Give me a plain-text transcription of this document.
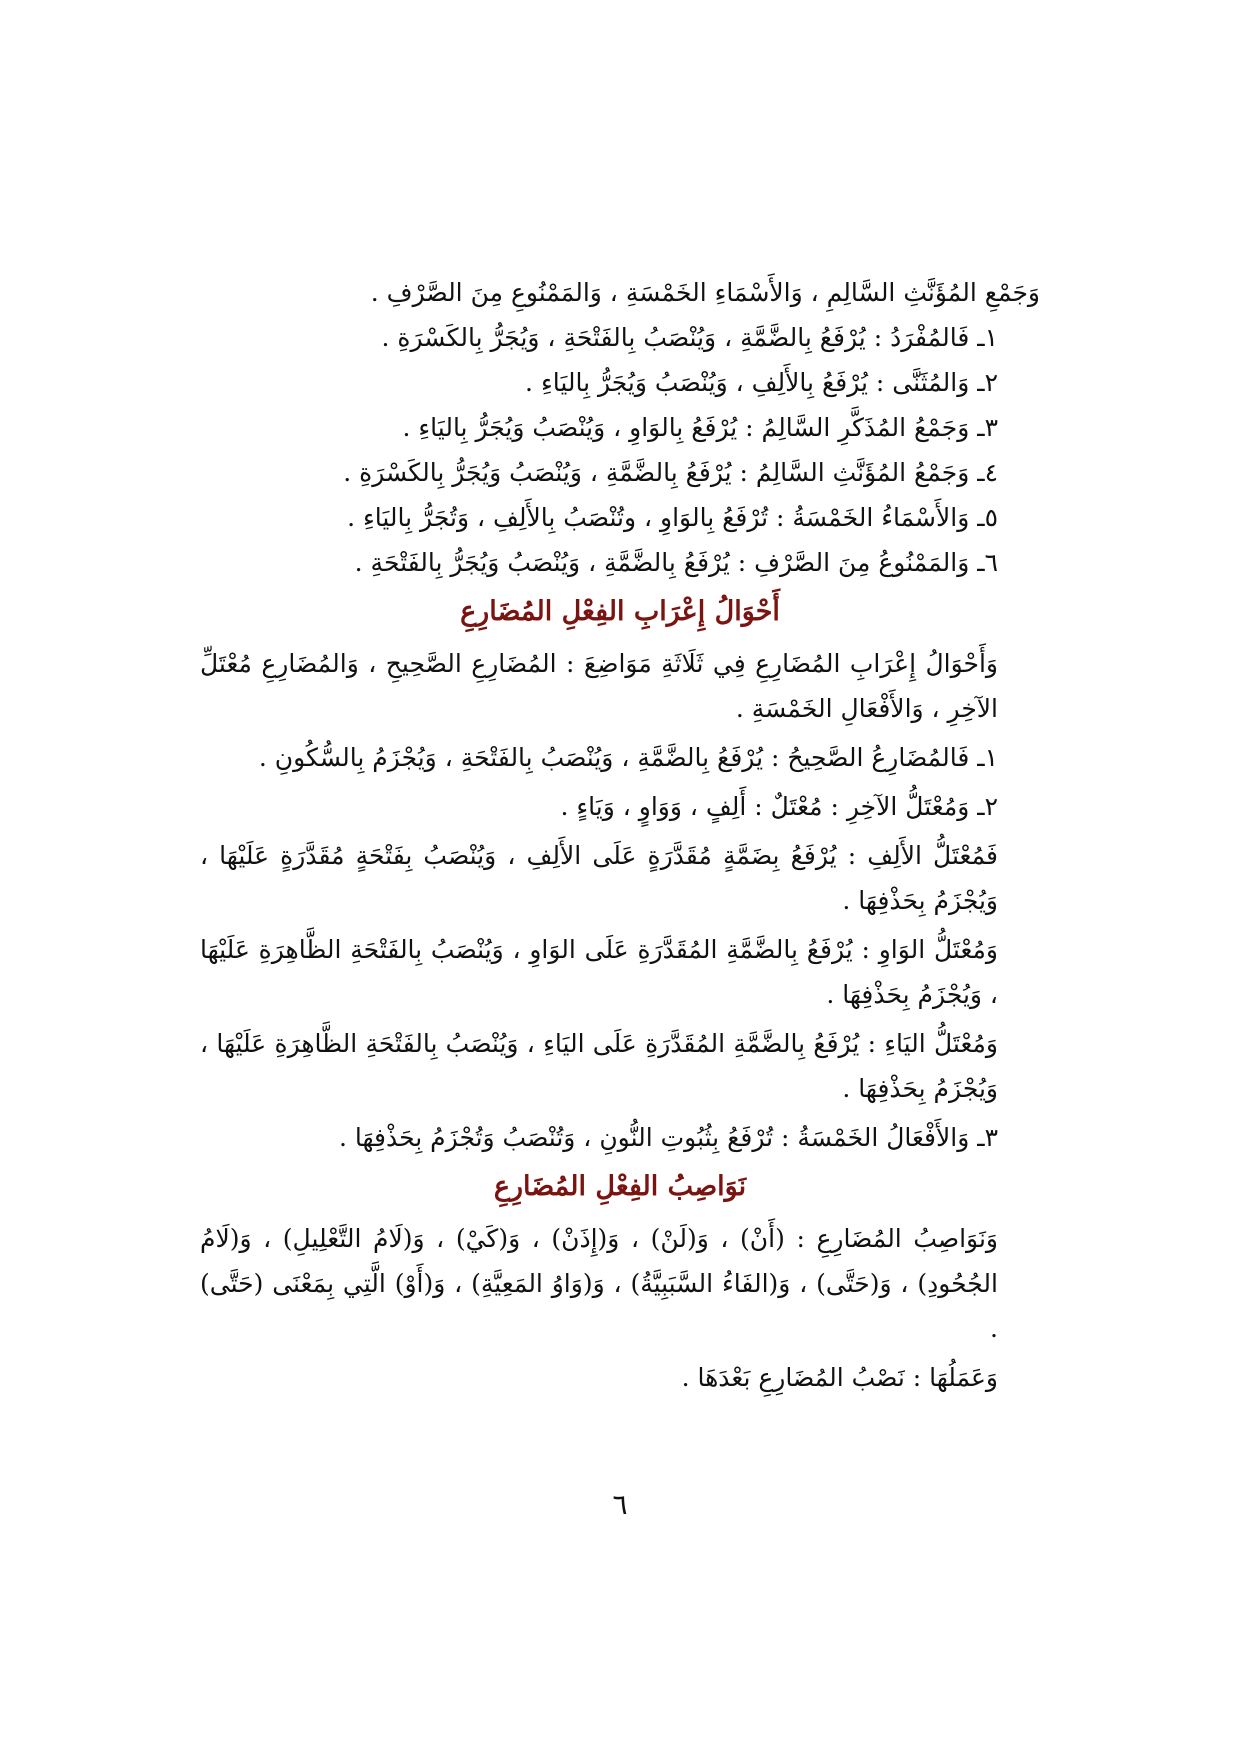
وَجَمْعِ المُؤَنَّثِ السَّالِمِ ، وَالأَسْمَاءِ الخَمْسَةِ ، وَالمَمْنُوعِ مِنَ الصَّرْفِ .

١ـ فَالمُفْرَدُ : يُرْفَعُ بِالضَّمَّةِ ، وَيُنْصَبُ بِالفَتْحَةِ ، وَيُجَرُّ بِالكَسْرَةِ .

٢ـ وَالمُثَنَّى : يُرْفَعُ بِالأَلِفِ ، وَيُنْصَبُ وَيُجَرُّ بِاليَاءِ .

٣ـ وَجَمْعُ المُذَكَّرِ السَّالِمُ : يُرْفَعُ بِالوَاوِ ، وَيُنْصَبُ وَيُجَرُّ بِاليَاءِ .

٤ـ وَجَمْعُ المُؤَنَّثِ السَّالِمُ : يُرْفَعُ بِالضَّمَّةِ ، وَيُنْصَبُ وَيُجَرُّ بِالكَسْرَةِ .

٥ـ وَالأَسْمَاءُ الخَمْسَةُ : تُرْفَعُ بِالوَاوِ ، وتُنْصَبُ بِالأَلِفِ ، وَتُجَرُّ بِاليَاءِ .

٦ـ وَالمَمْنُوعُ مِنَ الصَّرْفِ : يُرْفَعُ بِالضَّمَّةِ ، وَيُنْصَبُ وَيُجَرُّ بِالفَتْحَةِ .

أَحْوَالُ إِعْرَابِ الفِعْلِ المُضَارِعِ

وَأَحْوَالُ إِعْرَابِ المُضَارِعِ فِي ثَلَاثَةِ مَوَاضِعَ : المُضَارِعِ الصَّحِيحِ ، وَالمُضَارِعِ مُعْتَلِّ الآخِرِ ، وَالأَفْعَالِ الخَمْسَةِ .

١ـ فَالمُضَارِعُ الصَّحِيحُ : يُرْفَعُ بِالضَّمَّةِ ، وَيُنْصَبُ بِالفَتْحَةِ ، وَيُجْزَمُ بِالسُّكُونِ .

٢ـ وَمُعْتَلُّ الآخِرِ : مُعْتَلٌ : أَلِفٍ ، وَوَاوٍ ، وَيَاءٍ .

فَمُعْتَلُّ الأَلِفِ : يُرْفَعُ بِضَمَّةٍ مُقَدَّرَةٍ عَلَى الأَلِفِ ، وَيُنْصَبُ بِفَتْحَةٍ مُقَدَّرَةٍ عَلَيْهَا ، وَيُجْزَمُ بِحَذْفِهَا .

وَمُعْتَلُّ الوَاوِ : يُرْفَعُ بِالضَّمَّةِ المُقَدَّرَةِ عَلَى الوَاوِ ، وَيُنْصَبُ بِالفَتْحَةِ الظَّاهِرَةِ عَلَيْهَا ، وَيُجْزَمُ بِحَذْفِهَا .

وَمُعْتَلُّ اليَاءِ : يُرْفَعُ بِالضَّمَّةِ المُقَدَّرَةِ عَلَى اليَاءِ ، وَيُنْصَبُ بِالفَتْحَةِ الظَّاهِرَةِ عَلَيْهَا ، وَيُجْزَمُ بِحَذْفِهَا .

٣ـ وَالأَفْعَالُ الخَمْسَةُ : تُرْفَعُ بِثُبُوتِ النُّونِ ، وَتُنْصَبُ وَتُجْزَمُ بِحَذْفِهَا .

نَوَاصِبُ الفِعْلِ المُضَارِعِ

وَنَوَاصِبُ المُضَارِعِ : (أَنْ) ، وَ(لَنْ) ، وَ(إِذَنْ) ، وَ(كَيْ) ، وَ(لَامُ التَّعْلِيلِ) ، وَ(لَامُ الجُحُودِ) ، وَ(حَتَّى) ، وَ(الفَاءُ السَّبَبِيَّةُ) ، وَ(وَاوُ المَعِيَّةِ) ، وَ(أَوْ) الَّتِي بِمَعْنَى (حَتَّى) .

وَعَمَلُهَا : نَصْبُ المُضَارِعِ بَعْدَهَا .

٦
